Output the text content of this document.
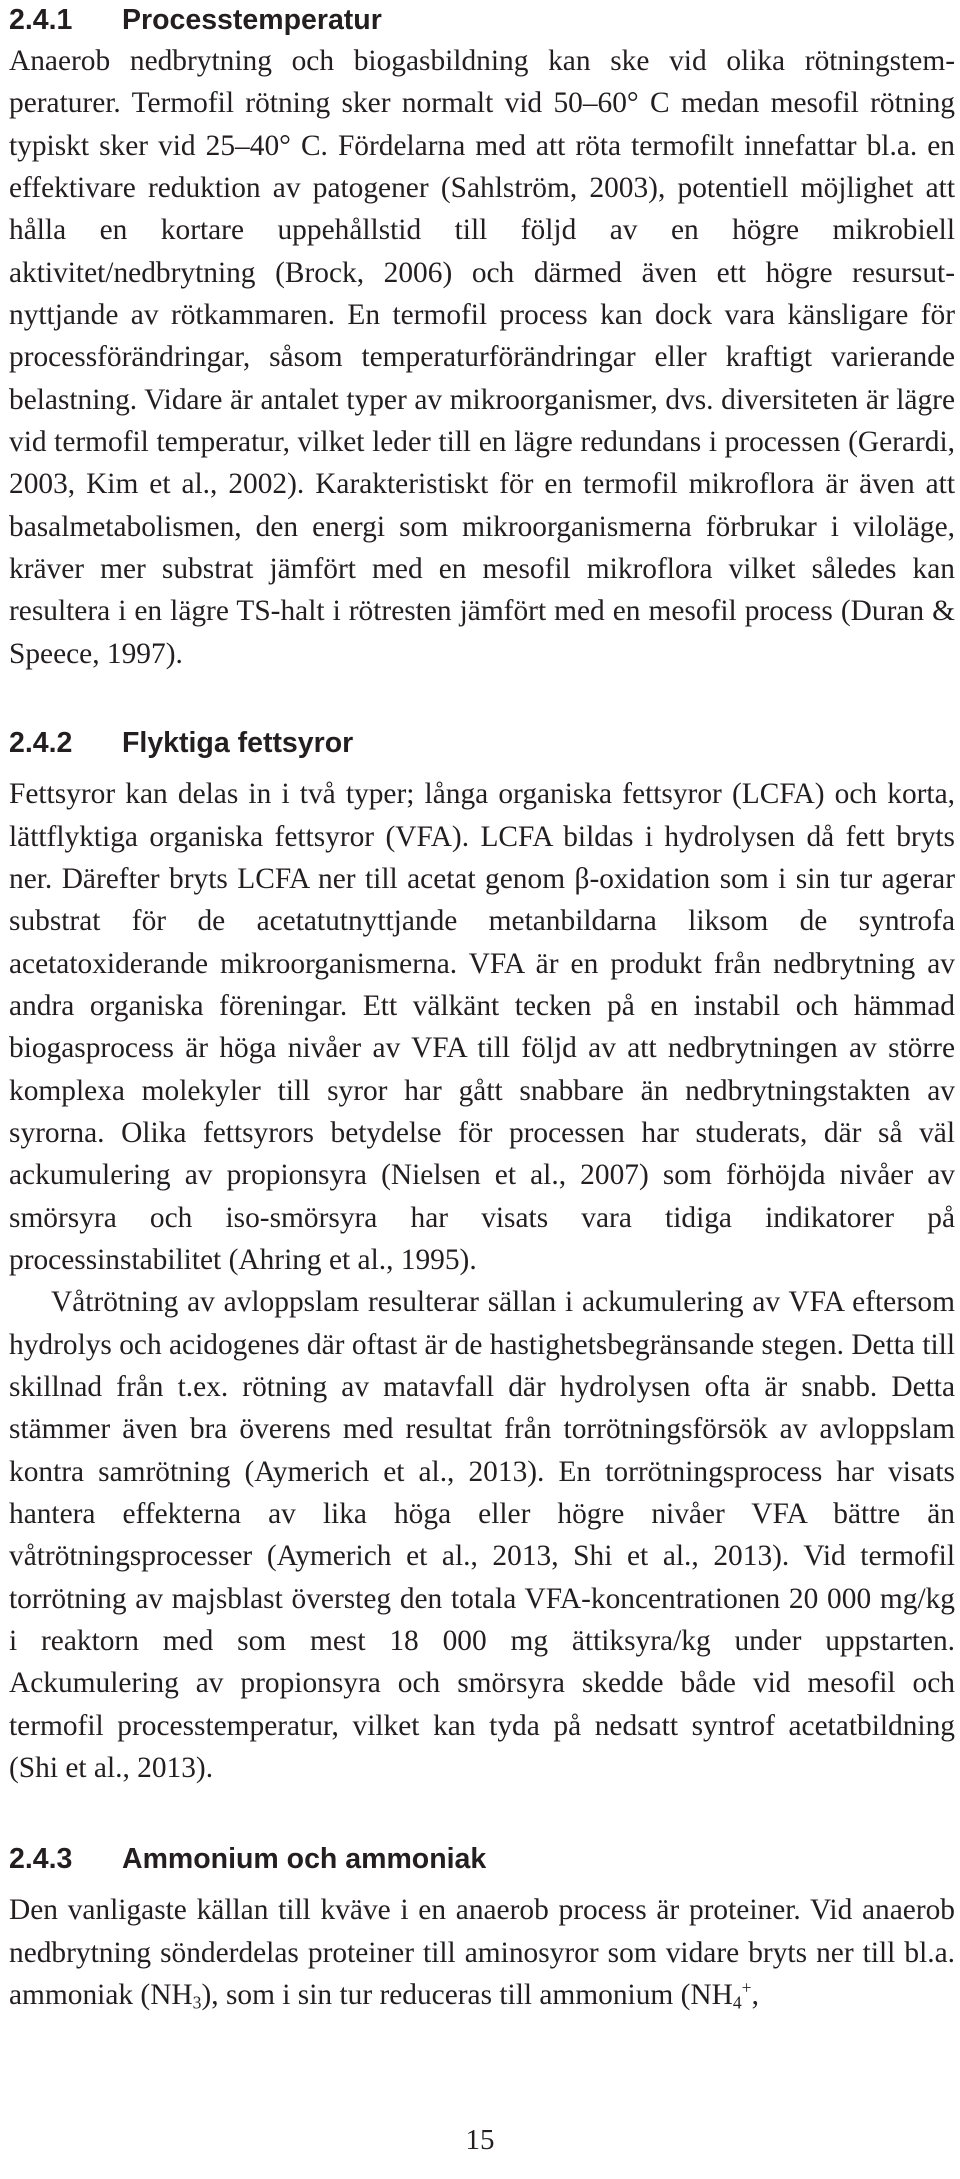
2.4.1 Processtemperatur

Anaerob nedbrytning och biogasbildning kan ske vid olika rötningstemperaturer. Termofil rötning sker normalt vid 50–60° C medan mesofil rötning typiskt sker vid 25–40° C. Fördelarna med att röta termofilt innefattar bl.a. en effektivare reduktion av patogener (Sahlström, 2003), potentiell möjlighet att hålla en kortare uppehållstid till följd av en högre mikrobiell aktivitet/nedbrytning (Brock, 2006) och därmed även ett högre resursutnyttjande av rötkammaren. En termofil process kan dock vara känsligare för processförändringar, såsom temperaturförändringar eller kraftigt varierande belastning. Vidare är antalet typer av mikroorganismer, dvs. diversiteten är lägre vid termofil temperatur, vilket leder till en lägre redundans i processen (Gerardi, 2003, Kim et al., 2002). Karakteristiskt för en termofil mikroflora är även att basalmetabolismen, den energi som mikroorganismerna förbrukar i viloläge, kräver mer substrat jämfört med en mesofil mikroflora vilket således kan resultera i en lägre TS-halt i rötresten jämfört med en mesofil process (Duran & Speece, 1997).

2.4.2 Flyktiga fettsyror

Fettsyror kan delas in i två typer; långa organiska fettsyror (LCFA) och korta, lättflyktiga organiska fettsyror (VFA). LCFA bildas i hydrolysen då fett bryts ner. Därefter bryts LCFA ner till acetat genom β-oxidation som i sin tur agerar substrat för de acetatutnyttjande metanbildarna liksom de syntrofa acetatoxiderande mikroorganismerna. VFA är en produkt från nedbrytning av andra organiska föreningar. Ett välkänt tecken på en instabil och hämmad biogasprocess är höga nivåer av VFA till följd av att nedbrytningen av större komplexa molekyler till syror har gått snabbare än nedbrytningstakten av syrorna. Olika fettsyrors betydelse för processen har studerats, där så väl ackumulering av propionsyra (Nielsen et al., 2007) som förhöjda nivåer av smörsyra och iso-smörsyra har visats vara tidiga indikatorer på processinstabilitet (Ahring et al., 1995).

Våtrötning av avloppslam resulterar sällan i ackumulering av VFA eftersom hydrolys och acidogenes där oftast är de hastighetsbegränsande stegen. Detta till skillnad från t.ex. rötning av matavfall där hydrolysen ofta är snabb. Detta stämmer även bra överens med resultat från torrötningsförsök av avloppslam kontra samrötning (Aymerich et al., 2013). En torrötningsprocess har visats hantera effekterna av lika höga eller högre nivåer VFA bättre än våtrötningsprocesser (Aymerich et al., 2013, Shi et al., 2013). Vid termofil torrötning av majsblast översteg den totala VFA-koncentrationen 20 000 mg/kg i reaktorn med som mest 18 000 mg ättiksyra/kg under uppstarten. Ackumulering av propionsyra och smörsyra skedde både vid mesofil och termofil processtemperatur, vilket kan tyda på nedsatt syntrof acetatbildning (Shi et al., 2013).

2.4.3 Ammonium och ammoniak

Den vanligaste källan till kväve i en anaerob process är proteiner. Vid anaerob nedbrytning sönderdelas proteiner till aminosyror som vidare bryts ner till bl.a. ammoniak $(NH_3)$, som i sin tur reduceras till ammonium ($NH_4^+$,

15
